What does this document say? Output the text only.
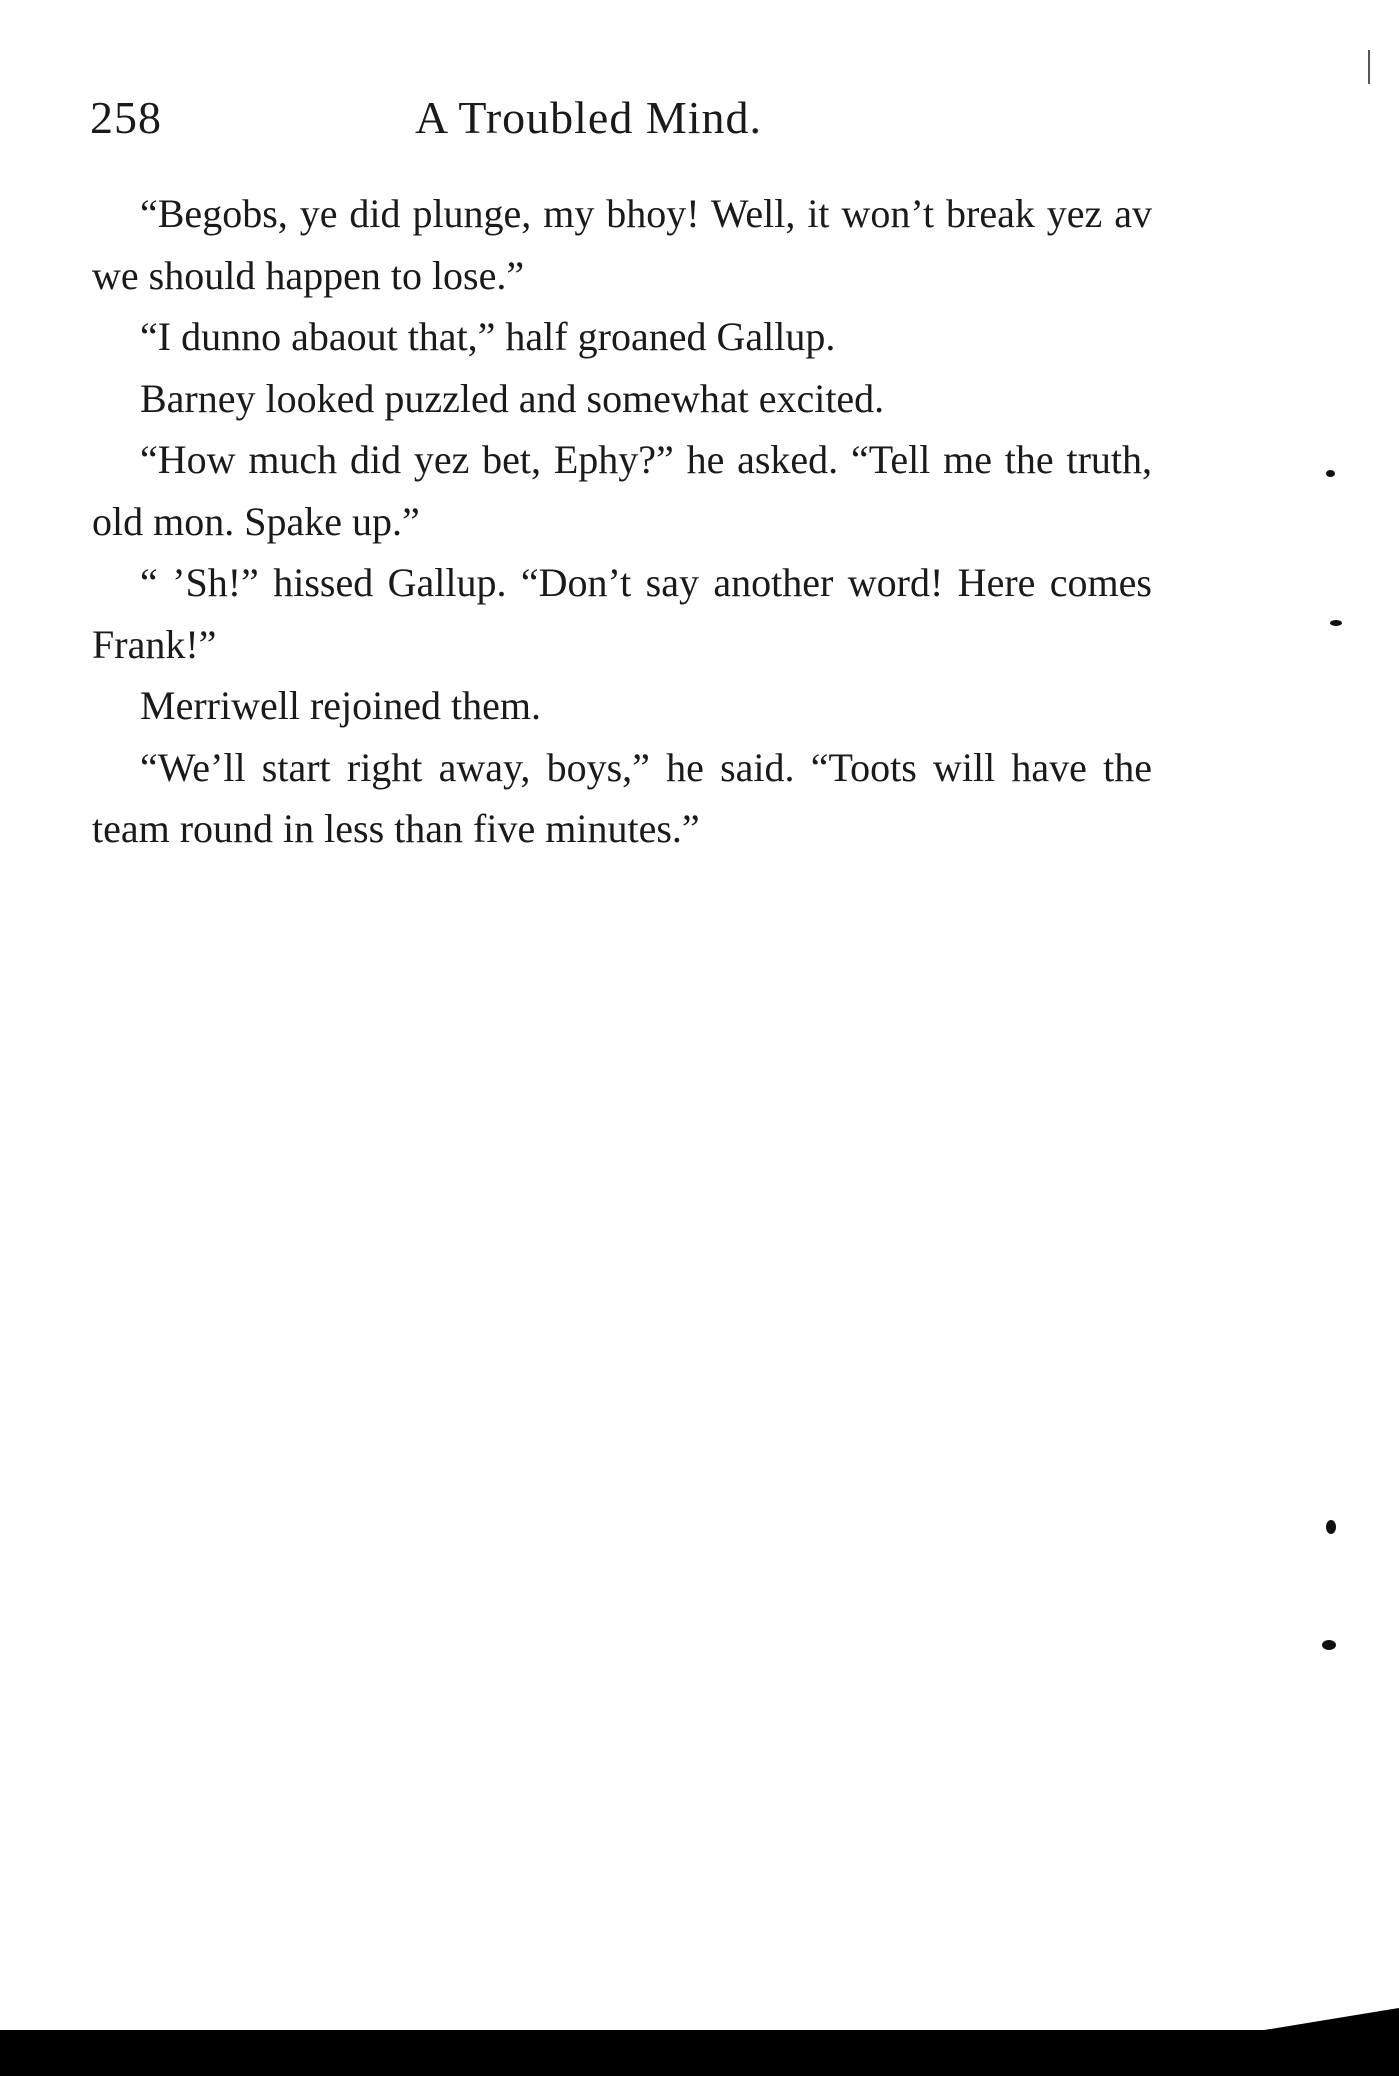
258	A Troubled Mind.

“Begobs, ye did plunge, my bhoy! Well, it won’t break yez av we should happen to lose.”

“I dunno abaout that,” half groaned Gallup.

Barney looked puzzled and somewhat excited.

“How much did yez bet, Ephy?” he asked. “Tell me the truth, old mon. Spake up.”

“ ’Sh!” hissed Gallup. “Don’t say another word! Here comes Frank!”

Merriwell rejoined them.

“We’ll start right away, boys,” he said. “Toots will have the team round in less than five minutes.”
